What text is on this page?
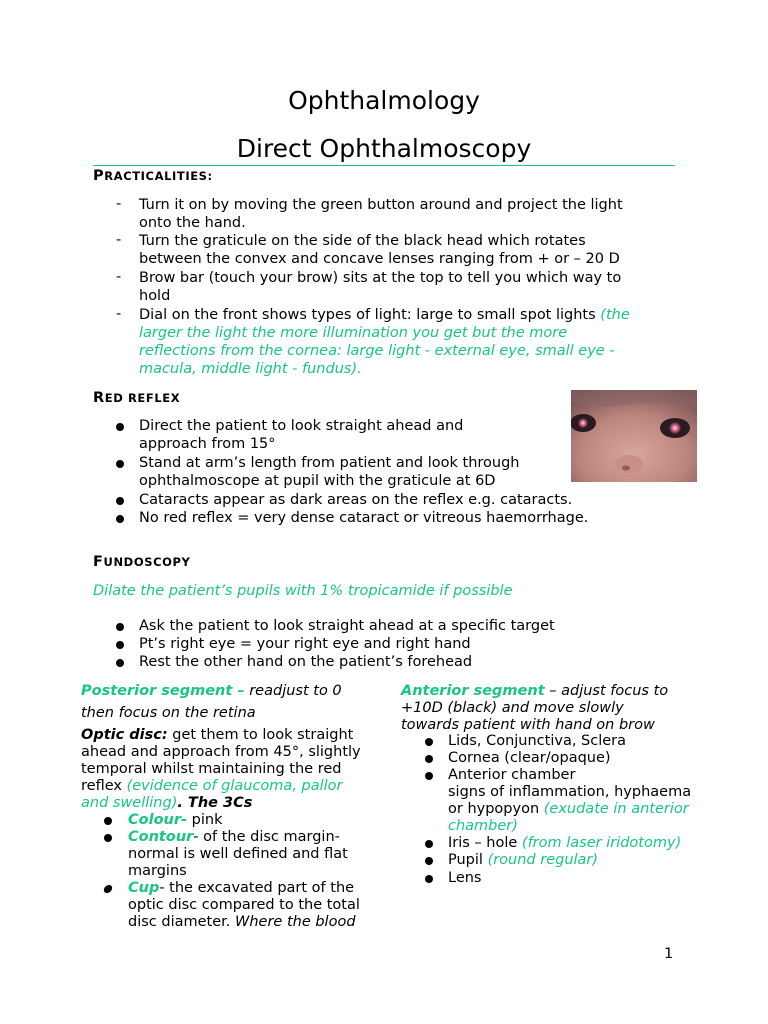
Ophthalmology
Direct Ophthalmoscopy
PRACTICALITIES:
- Turn it on by moving the green button around and project the light
onto the hand.
- Turn the graticule on the side of the black head which rotates
between the convex and concave lenses ranging from + or – 20 D
- Brow bar (touch your brow) sits at the top to tell you which way to
hold
- Dial on the front shows types of light: large to small spot lights (the
larger the light the more illumination you get but the more
reflections from the cornea: large light - external eye, small eye -
macula, middle light - fundus).
RED REFLEX
Direct the patient to look straight ahead and
approach from 15°
Stand at arm’s length from patient and look through
ophthalmoscope at pupil with the graticule at 6D
Cataracts appear as dark areas on the reflex e.g. cataracts.
No red reflex = very dense cataract or vitreous haemorrhage.
FUNDOSCOPY
Dilate the patient’s pupils with 1% tropicamide if possible
Ask the patient to look straight ahead at a specific target
Pt’s right eye = your right eye and right hand
Rest the other hand on the patient’s forehead
Posterior segment – readjust to 0
then focus on the retina
Optic disc: get them to look straight
ahead and approach from 45°, slightly
temporal whilst maintaining the red
reflex (evidence of glaucoma, pallor
and swelling). The 3Cs
Colour- pink
Contour- of the disc margin-
normal is well defined and flat
margins
Cup- the excavated part of the
optic disc compared to the total
disc diameter. Where the blood
Anterior segment – adjust focus to
+10D (black) and move slowly
towards patient with hand on brow
Lids, Conjunctiva, Sclera
Cornea (clear/opaque)
Anterior chamber
signs of inflammation, hyphaema
or hypopyon (exudate in anterior
chamber)
Iris – hole (from laser iridotomy)
Pupil (round regular)
Lens
1
